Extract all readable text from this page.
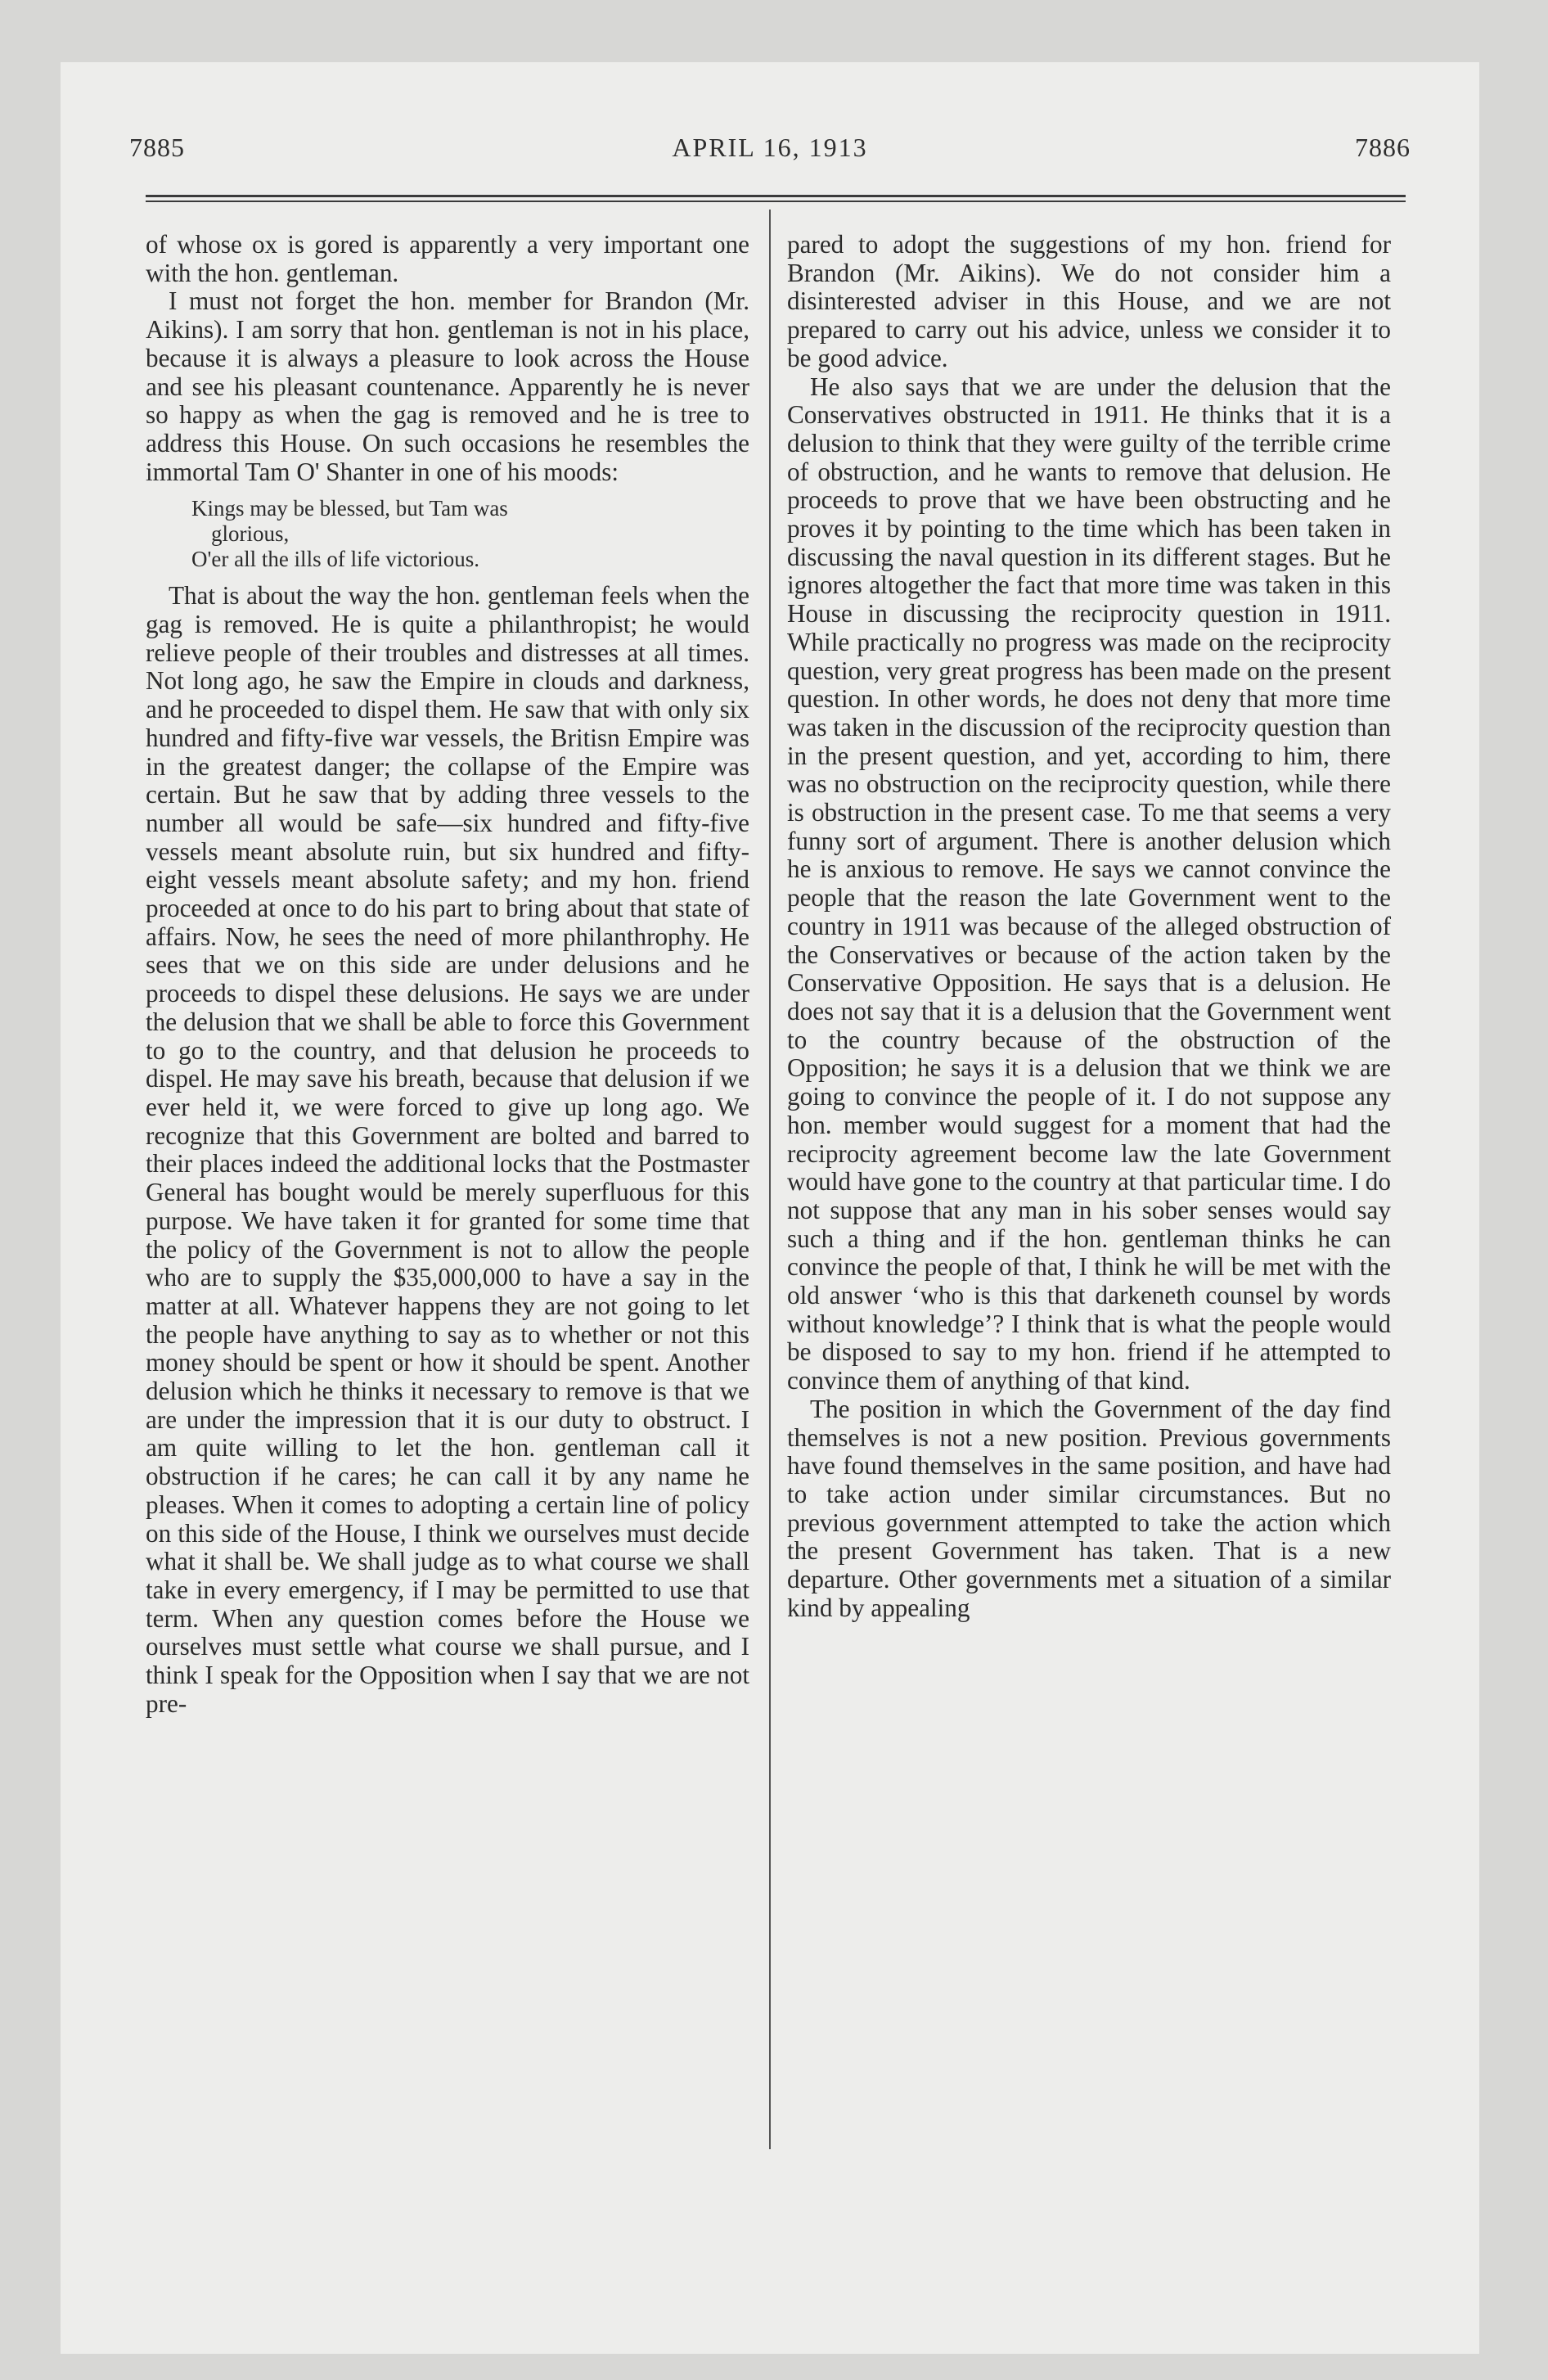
7885	APRIL 16, 1913	7886

of whose ox is gored is apparently a very important one with the hon. gentleman.

I must not forget the hon. member for Brandon (Mr. Aikins). I am sorry that hon. gentleman is not in his place, because it is always a pleasure to look across the House and see his pleasant countenance. Apparently he is never so happy as when the gag is removed and he is tree to address this House. On such occasions he resembles the immortal Tam O' Shanter in one of his moods:

Kings may be blessed, but Tam was
glorious,
O'er all the ills of life victorious.

That is about the way the hon. gentleman feels when the gag is removed. He is quite a philanthropist; he would relieve people of their troubles and distresses at all times. Not long ago, he saw the Empire in clouds and darkness, and he proceeded to dispel them. He saw that with only six hundred and fifty-five war vessels, the Britisn Empire was in the greatest danger; the collapse of the Empire was certain. But he saw that by adding three vessels to the number all would be safe—six hundred and fifty-five vessels meant absolute ruin, but six hundred and fifty-eight vessels meant absolute safety; and my hon. friend proceeded at once to do his part to bring about that state of affairs. Now, he sees the need of more philanthrophy. He sees that we on this side are under delusions and he proceeds to dispel these delusions. He says we are under the delusion that we shall be able to force this Government to go to the country, and that delusion he proceeds to dispel. He may save his breath, because that delusion if we ever held it, we were forced to give up long ago. We recognize that this Government are bolted and barred to their places indeed the additional locks that the Postmaster General has bought would be merely superfluous for this purpose. We have taken it for granted for some time that the policy of the Government is not to allow the people who are to supply the $35,000,000 to have a say in the matter at all. Whatever happens they are not going to let the people have anything to say as to whether or not this money should be spent or how it should be spent. Another delusion which he thinks it necessary to remove is that we are under the impression that it is our duty to obstruct. I am quite willing to let the hon. gentleman call it obstruction if he cares; he can call it by any name he pleases. When it comes to adopting a certain line of policy on this side of the House, I think we ourselves must decide what it shall be. We shall judge as to what course we shall take in every emergency, if I may be permitted to use that term. When any question comes before the House we ourselves must settle what course we shall pursue, and I think I speak for the Opposition when I say that we are not pre-

pared to adopt the suggestions of my hon. friend for Brandon (Mr. Aikins). We do not consider him a disinterested adviser in this House, and we are not prepared to carry out his advice, unless we consider it to be good advice.

He also says that we are under the delusion that the Conservatives obstructed in 1911. He thinks that it is a delusion to think that they were guilty of the terrible crime of obstruction, and he wants to remove that delusion. He proceeds to prove that we have been obstructing and he proves it by pointing to the time which has been taken in discussing the naval question in its different stages. But he ignores altogether the fact that more time was taken in this House in discussing the reciprocity question in 1911. While practically no progress was made on the reciprocity question, very great progress has been made on the present question. In other words, he does not deny that more time was taken in the discussion of the reciprocity question than in the present question, and yet, according to him, there was no obstruction on the reciprocity question, while there is obstruction in the present case. To me that seems a very funny sort of argument. There is another delusion which he is anxious to remove. He says we cannot convince the people that the reason the late Government went to the country in 1911 was because of the alleged obstruction of the Conservatives or because of the action taken by the Conservative Opposition. He says that is a delusion. He does not say that it is a delusion that the Government went to the country because of the obstruction of the Opposition; he says it is a delusion that we think we are going to convince the people of it. I do not suppose any hon. member would suggest for a moment that had the reciprocity agreement become law the late Government would have gone to the country at that particular time. I do not suppose that any man in his sober senses would say such a thing and if the hon. gentleman thinks he can convince the people of that, I think he will be met with the old answer ‘who is this that darkeneth counsel by words without knowledge’? I think that is what the people would be disposed to say to my hon. friend if he attempted to convince them of anything of that kind.

The position in which the Government of the day find themselves is not a new position. Previous governments have found themselves in the same position, and have had to take action under similar circumstances. But no previous government attempted to take the action which the present Government has taken. That is a new departure. Other governments met a situation of a similar kind by appealing
